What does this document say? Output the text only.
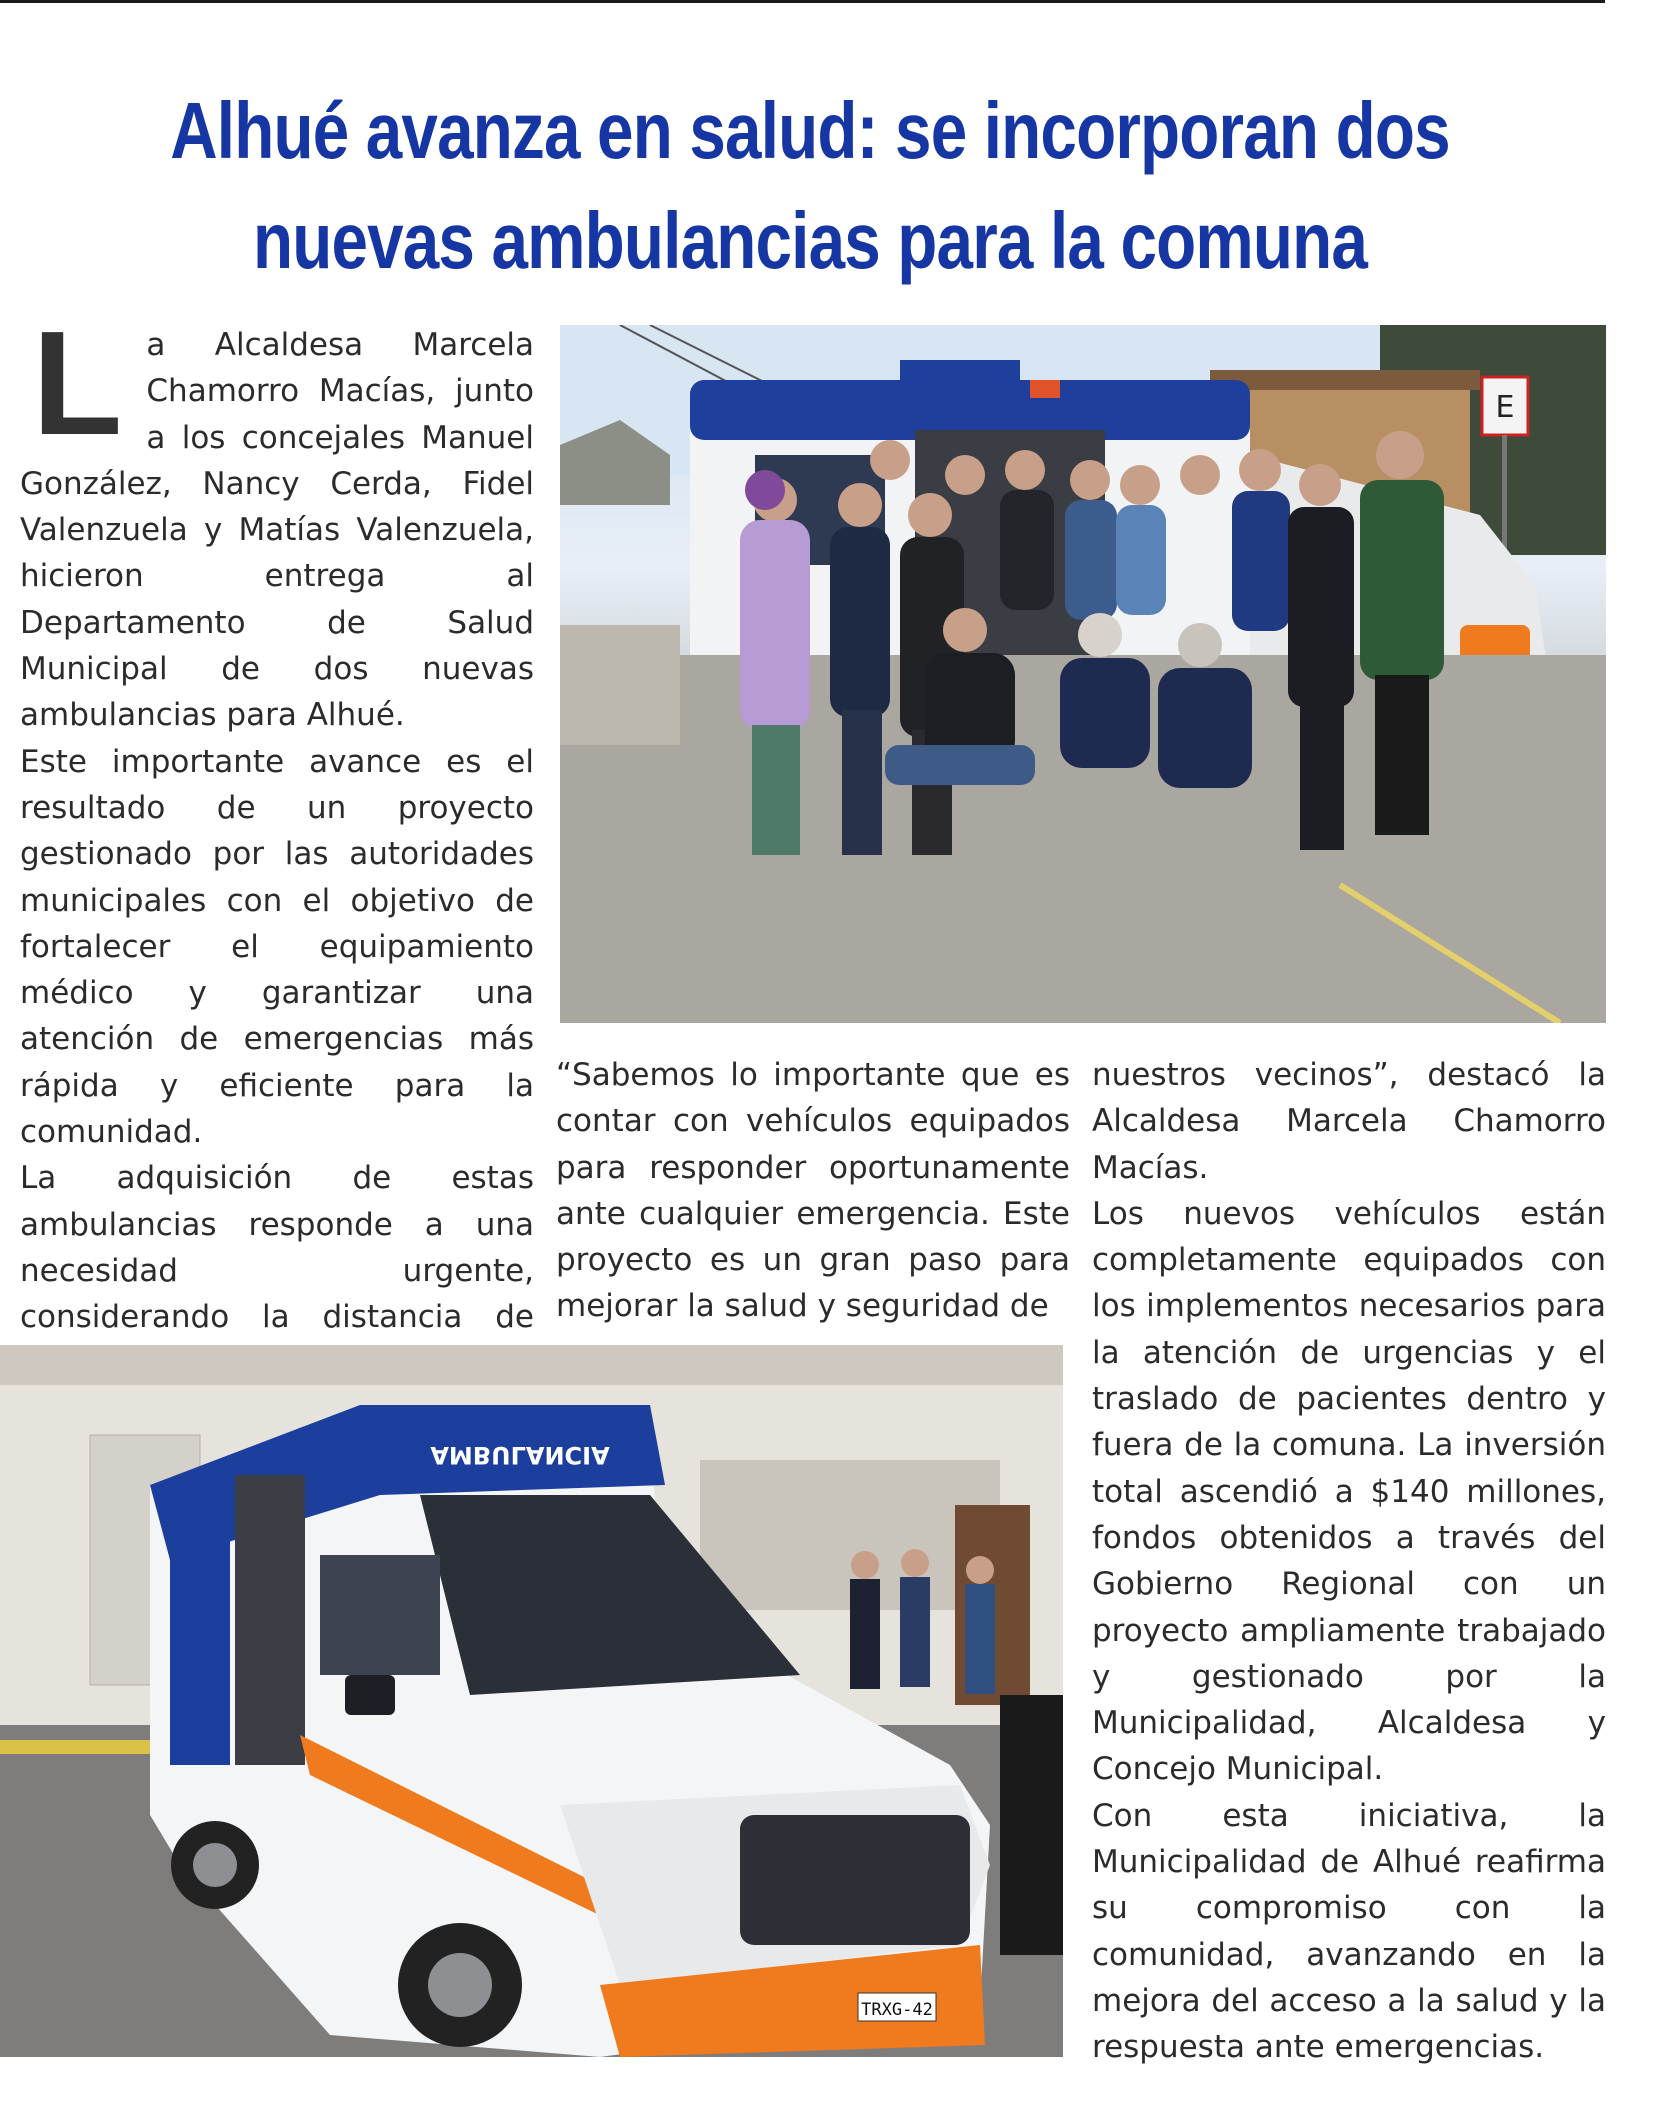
Alhué avanza en salud: se incorporan dos
nuevas ambulancias para la comuna

La Alcaldesa Marcela Chamorro Macías, junto a los concejales Manuel González, Nancy Cerda, Fidel Valenzuela y Matías Valenzuela, hicieron entrega al Departamento de Salud Municipal de dos nuevas ambulancias para Alhué.

Este importante avance es el resultado de un proyecto gestionado por las autoridades municipales con el objetivo de fortalecer el equipamiento médico y garantizar una atención de emergencias más rápida y eficiente para la comunidad.

La adquisición de estas ambulancias responde a una necesidad urgente, considerando la distancia de

“Sabemos lo importante que es contar con vehículos equipados para responder oportunamente ante cualquier emergencia. Este proyecto es un gran paso para mejorar la salud y seguridad de

nuestros vecinos”, destacó la Alcaldesa Marcela Chamorro Macías.

Los nuevos vehículos están completamente equipados con los implementos necesarios para la atención de urgencias y el traslado de pacientes dentro y fuera de la comuna. La inversión total ascendió a $140 millones, fondos obtenidos a través del Gobierno Regional con un proyecto ampliamente trabajado y gestionado por la Municipalidad, Alcaldesa y Concejo Municipal.

Con esta iniciativa, la Municipalidad de Alhué reafirma su compromiso con la comunidad, avanzando en la mejora del acceso a la salud y la respuesta ante emergencias.

E
AMBULANCIA
TRXG-42
